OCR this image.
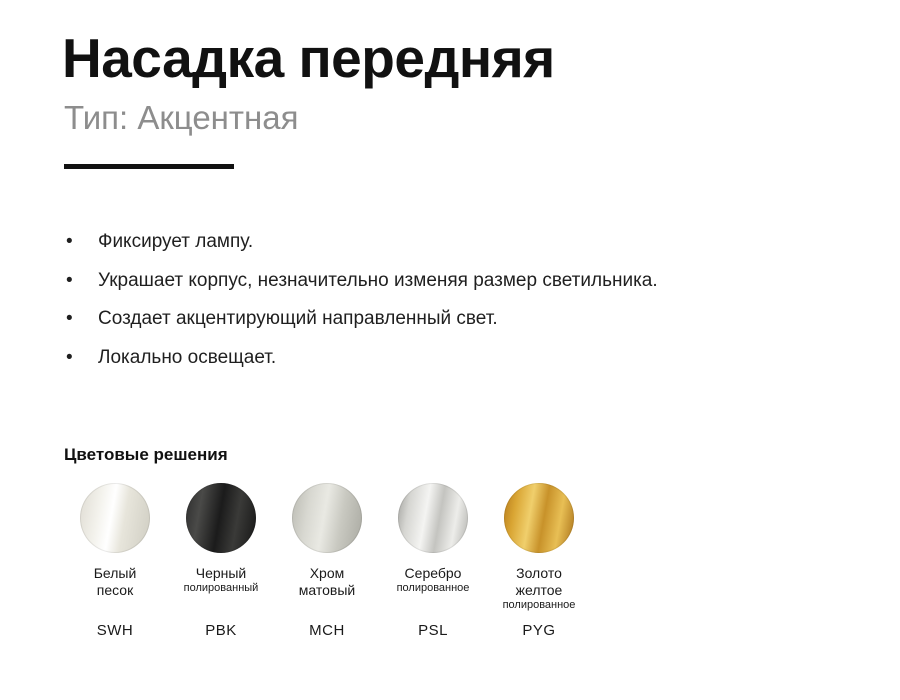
Насадка передняя
Тип: Акцентная
• Фиксирует лампу.
• Украшает корпус, незначительно изменяя размер светильника.
• Создает акцентирующий направленный свет.
• Локально освещает.
Цветовые решения
Белый
песок
Черный
полированный
Хром
матовый
Серебро
полированное
Золото
желтое
полированное
SWH	PBK	MCH	PSL	PYG
